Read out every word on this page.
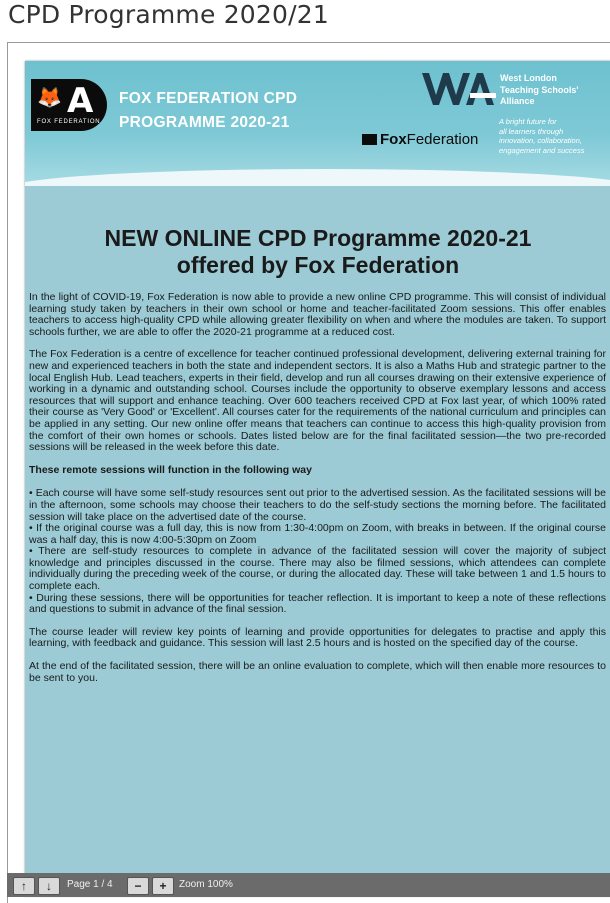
CPD Programme 2020/21
🦊 A
FOX FEDERATION
FOX FEDERATION CPD
PROGRAMME 2020-21
West London
Teaching Schools'
Alliance
FoxFederation
A bright future for
all learners through
innovation, collaboration,
engagement and success
NEW ONLINE CPD Programme 2020-21
offered by Fox Federation

In the light of COVID-19, Fox Federation is now able to provide a new online CPD programme. This will consist of individual learning study taken by teachers in their own school or home and teacher-facilitated Zoom sessions. This offer enables teachers to access high-quality CPD while allowing greater flexibility on when and where the modules are taken. To support schools further, we are able to offer the 2020-21 programme at a reduced cost.

The Fox Federation is a centre of excellence for teacher continued professional development, delivering external training for new and experienced teachers in both the state and independent sectors. It is also a Maths Hub and strategic partner to the local English Hub. Lead teachers, experts in their field, develop and run all courses drawing on their extensive experience of working in a dynamic and outstanding school. Courses include the opportunity to observe exemplary lessons and access resources that will support and enhance teaching. Over 600 teachers received CPD at Fox last year, of which 100% rated their course as 'Very Good' or 'Excellent'. All courses cater for the requirements of the national curriculum and principles can be applied in any setting. Our new online offer means that teachers can continue to access this high-quality provision from the comfort of their own homes or schools. Dates listed below are for the final facilitated session—the two pre-recorded sessions will be released in the week before this date.

These remote sessions will function in the following way

• Each course will have some self-study resources sent out prior to the advertised session. As the facilitated sessions will be in the afternoon, some schools may choose their teachers to do the self-study sections the morning before. The facilitated session will take place on the advertised date of the course.
• If the original course was a full day, this is now from 1:30-4:00pm on Zoom, with breaks in between. If the original course was a half day, this is now 4:00-5:30pm on Zoom
• There are self-study resources to complete in advance of the facilitated session will cover the majority of subject knowledge and principles discussed in the course. There may also be filmed sessions, which attendees can complete individually during the preceding week of the course, or during the allocated day. These will take between 1 and 1.5 hours to complete each.
• During these sessions, there will be opportunities for teacher reflection. It is important to keep a note of these reflections and questions to submit in advance of the final session.

The course leader will review key points of learning and provide opportunities for delegates to practise and apply this learning, with feedback and guidance. This session will last 2.5 hours and is hosted on the specified day of the course.

At the end of the facilitated session, there will be an online evaluation to complete, which will then enable more resources to be sent to you.

↑	↓	Page 1 / 4	−	+	Zoom 100%
